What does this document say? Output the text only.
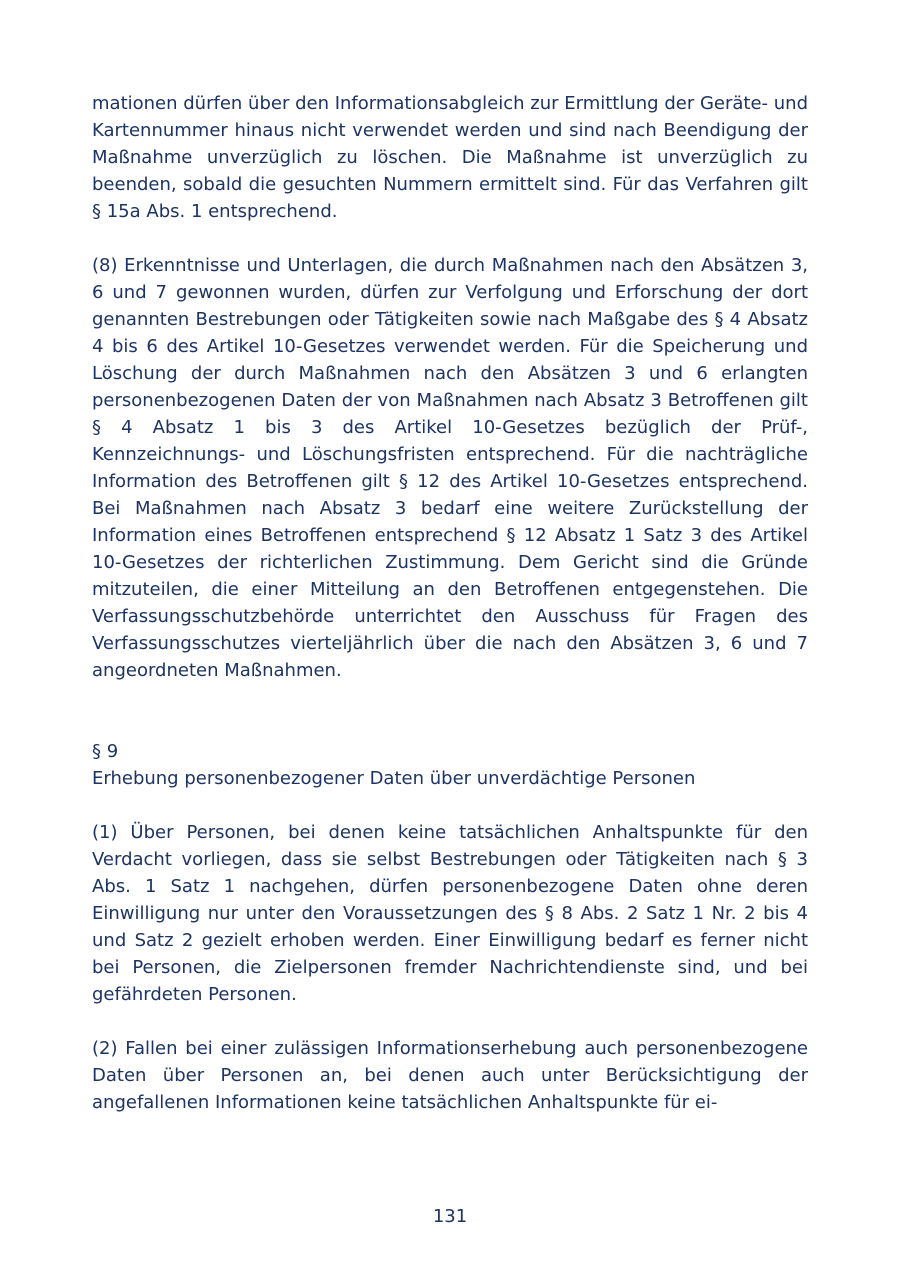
mationen dürfen über den Informationsabgleich zur Ermittlung der Geräte- und Kartennummer hinaus nicht verwendet werden und sind nach Beendigung der Maßnahme unverzüglich zu löschen. Die Maßnahme ist unverzüglich zu beenden, sobald die gesuchten Nummern ermittelt sind. Für das Verfahren gilt § 15a Abs. 1 entsprechend.

(8) Erkenntnisse und Unterlagen, die durch Maßnahmen nach den Absätzen 3, 6 und 7 gewonnen wurden, dürfen zur Verfolgung und Erforschung der dort genannten Bestrebungen oder Tätigkeiten sowie nach Maßgabe des § 4 Absatz 4 bis 6 des Artikel 10-Gesetzes verwendet werden. Für die Speicherung und Löschung der durch Maßnahmen nach den Absätzen 3 und 6 erlangten personenbezogenen Daten der von Maßnahmen nach Absatz 3 Betroffenen gilt § 4 Absatz 1 bis 3 des Artikel 10-Gesetzes bezüglich der Prüf-, Kennzeichnungs- und Löschungsfristen entsprechend. Für die nachträgliche Information des Betroffenen gilt § 12 des Artikel 10-Gesetzes entsprechend. Bei Maßnahmen nach Absatz 3 bedarf eine weitere Zurückstellung der Information eines Betroffenen entsprechend § 12 Absatz 1 Satz 3 des Artikel 10-Gesetzes der richterlichen Zustimmung. Dem Gericht sind die Gründe mitzuteilen, die einer Mitteilung an den Betroffenen entgegenstehen. Die Verfassungsschutzbehörde unterrichtet den Ausschuss für Fragen des Verfassungsschutzes vierteljährlich über die nach den Absätzen 3, 6 und 7 angeordneten Maßnahmen.

§ 9

Erhebung personenbezogener Daten über unverdächtige Personen

(1) Über Personen, bei denen keine tatsächlichen Anhaltspunkte für den Verdacht vorliegen, dass sie selbst Bestrebungen oder Tätigkeiten nach § 3 Abs. 1 Satz 1 nachgehen, dürfen personenbezogene Daten ohne deren Einwilligung nur unter den Voraussetzungen des § 8 Abs. 2 Satz 1 Nr. 2 bis 4 und Satz 2 gezielt erhoben werden. Einer Einwilligung bedarf es ferner nicht bei Personen, die Zielpersonen fremder Nachrichtendienste sind, und bei gefährdeten Personen.

(2) Fallen bei einer zulässigen Informationserhebung auch personenbezogene Daten über Personen an, bei denen auch unter Berücksichtigung der angefallenen Informationen keine tatsächlichen Anhaltspunkte für ei-

131
